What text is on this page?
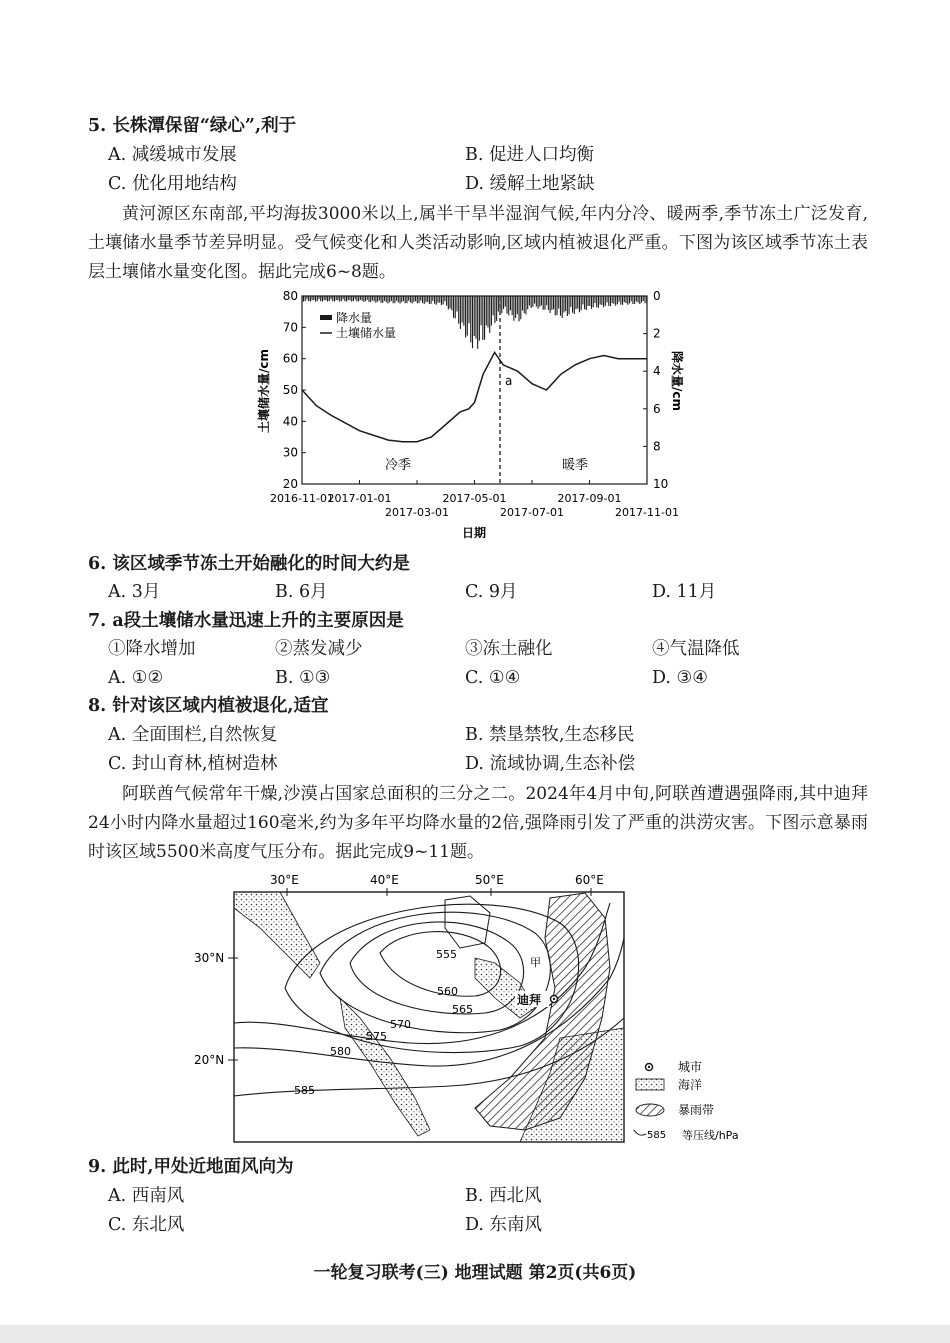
5. 长株潭保留“绿心”,利于
A. 减缓城市发展	B. 促进人口均衡
C. 优化用地结构	D. 缓解土地紧缺

黄河源区东南部,平均海拔3000米以上,属半干旱半湿润气候,年内分冷、暖两季,季节冻土广泛发育,土壤储水量季节差异明显。受气候变化和人类活动影响,区域内植被退化严重。下图为该区域季节冻土表层土壤储水量变化图。据此完成6~8题。

80
70
60
50
40
30
20
0
2
4
6
8
10
2016-11-01
2017-01-01	2017-05-01	2017-09-01
2017-03-01	2017-07-01	2017-11-01
降水量
土壤储水量
冷季	暖季
a
土壤储水量/cm	降水量/cm
日期
6. 该区域季节冻土开始融化的时间大约是
A. 3月	B. 6月	C. 9月	D. 11月
7. a段土壤储水量迅速上升的主要原因是
①降水增加	②蒸发减少	③冻土融化	④气温降低
A. ①②	B. ①③	C. ①④	D. ③④
8. 针对该区域内植被退化,适宜
A. 全面围栏,自然恢复	B. 禁垦禁牧,生态移民
C. 封山育林,植树造林	D. 流域协调,生态补偿

阿联酋气候常年干燥,沙漠占国家总面积的三分之二。2024年4月中旬,阿联酋遭遇强降雨,其中迪拜24小时内降水量超过160毫米,约为多年平均降水量的2倍,强降雨引发了严重的洪涝灾害。下图示意暴雨时该区域5500米高度气压分布。据此完成9~11题。

30°E	40°E	50°E	60°E
30°N
20°N
555
560
565
570
575
580
585
迪拜
甲
城市
海洋
暴雨带
585 等压线/hPa
9. 此时,甲处近地面风向为
A. 西南风	B. 西北风
C. 东北风	D. 东南风
一轮复习联考(三) 地理试题 第2页(共6页)
